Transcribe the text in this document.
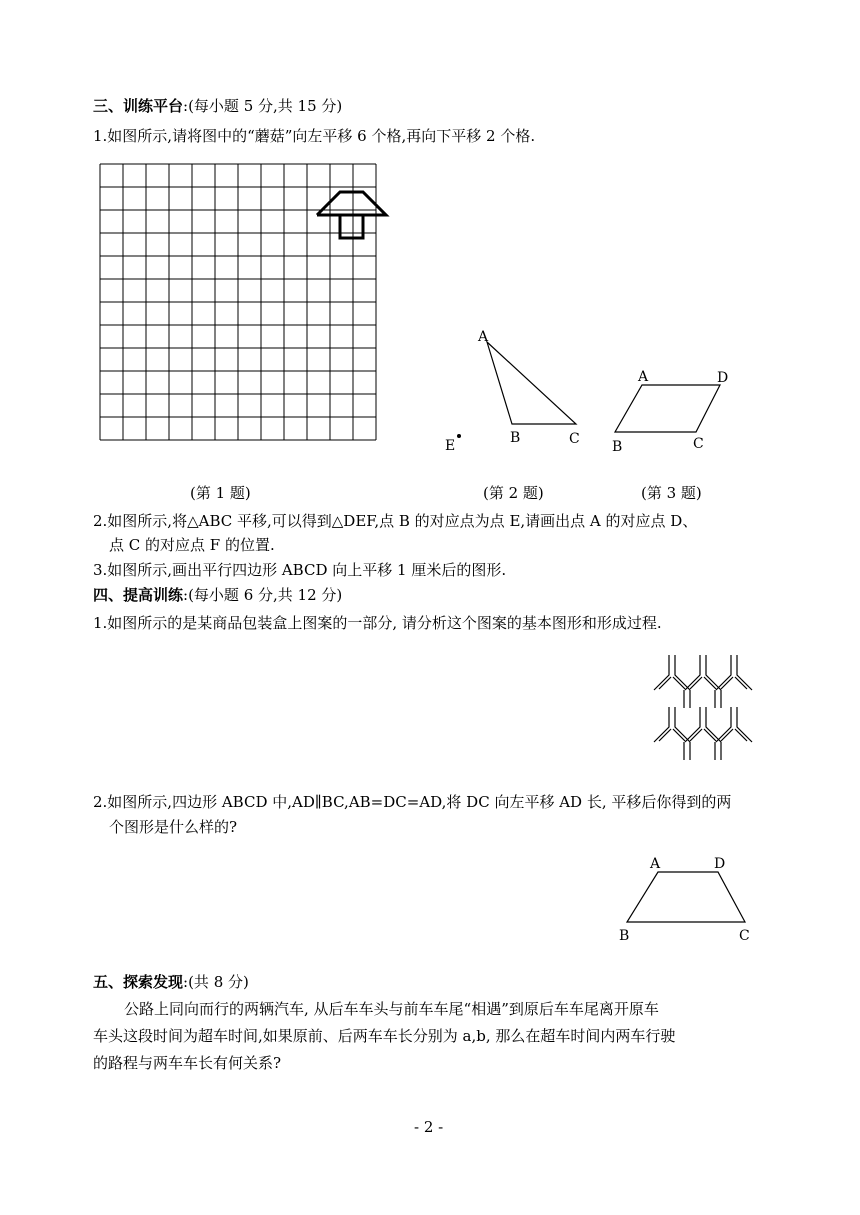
三、训练平台:(每小题 5 分,共 15 分)
1.如图所示,请将图中的“蘑菇”向左平移 6 个格,再向下平移 2 个格.
A
B	C
E
A	D
B	C
(第 1 题)	(第 2 题)	(第 3 题)
2.如图所示,将△ABC 平移,可以得到△DEF,点 B 的对应点为点 E,请画出点 A 的对应点 D、
点 C 的对应点 F 的位置.
3.如图所示,画出平行四边形 ABCD 向上平移 1 厘米后的图形.
四、提高训练:(每小题 6 分,共 12 分)
1.如图所示的是某商品包装盒上图案的一部分, 请分析这个图案的基本图形和形成过程.
2.如图所示,四边形 ABCD 中,AD∥BC,AB=DC=AD,将 DC 向左平移 AD 长, 平移后你得到的两
个图形是什么样的?
A	D
B	C
五、探索发现:(共 8 分)
公路上同向而行的两辆汽车, 从后车车头与前车车尾“相遇”到原后车车尾离开原车
车头这段时间为超车时间,如果原前、后两车车长分别为 a,b, 那么在超车时间内两车行驶
的路程与两车车长有何关系?
- 2 -
